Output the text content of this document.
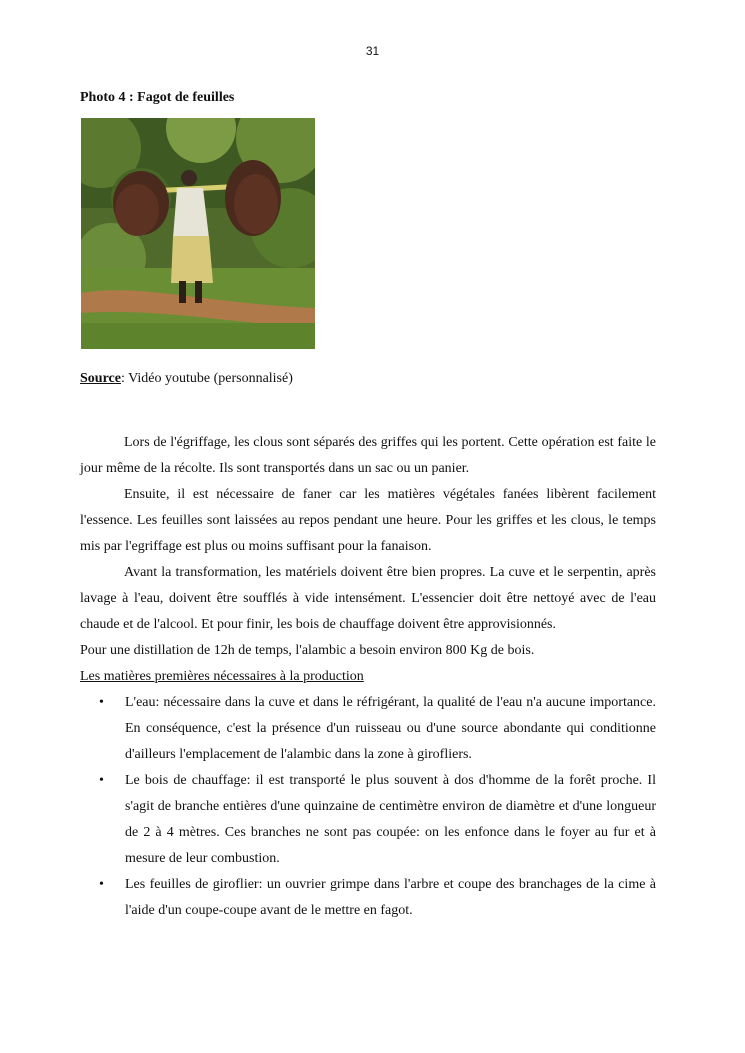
31
Photo 4 : Fagot de feuilles
Source: Vidéo youtube (personnalisé)

Lors de l'égriffage, les clous sont séparés des griffes qui les portent. Cette opération est faite le jour même de la récolte. Ils sont transportés dans un sac ou un panier.

Ensuite, il est nécessaire de faner car les matières végétales fanées libèrent facilement l'essence. Les feuilles sont laissées au repos pendant une heure. Pour les griffes et les clous, le temps mis par l'egriffage est plus ou moins suffisant pour la fanaison.

Avant la transformation, les matériels doivent être bien propres. La cuve et le serpentin, après lavage à l'eau, doivent être soufflés à vide intensément. L'essencier doit être nettoyé avec de l'eau chaude et de l'alcool. Et pour finir, les bois de chauffage doivent être approvisionnés.

Pour une distillation de 12h de temps, l'alambic a besoin environ 800 Kg de bois.
Les matières premières nécessaires à la production
• L'eau: nécessaire dans la cuve et dans le réfrigérant, la qualité de l'eau n'a aucune importance. En conséquence, c'est la présence d'un ruisseau ou d'une source abondante qui conditionne d'ailleurs l'emplacement de l'alambic dans la zone à girofliers.
• Le bois de chauffage: il est transporté le plus souvent à dos d'homme de la forêt proche. Il s'agit de branche entières d'une quinzaine de centimètre environ de diamètre et d'une longueur de 2 à 4 mètres. Ces branches ne sont pas coupée: on les enfonce dans le foyer au fur et à mesure de leur combustion.
• Les feuilles de giroflier: un ouvrier grimpe dans l'arbre et coupe des branchages de la cime à l'aide d'un coupe-coupe avant de le mettre en fagot.
